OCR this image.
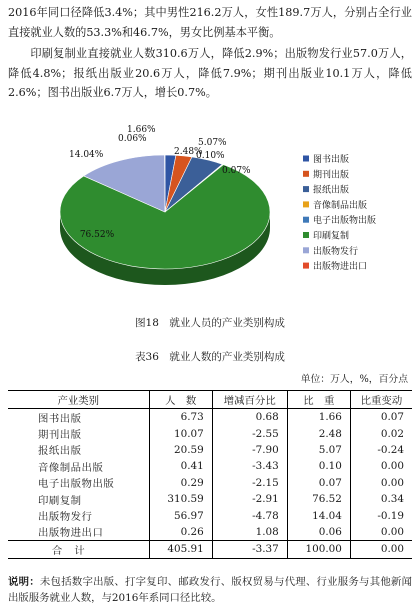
2016年同口径降低3.4%；其中男性216.2万人，女性189.7万人，分别占全行业直接就业人数的53.3%和46.7%，男女比例基本平衡。

印刷复制业直接就业人数310.6万人，降低2.9%；出版物发行业57.0万人，降低4.8%；报纸出版业20.6万人，降低7.9%；期刊出版业10.1万人，降低2.6%；图书出版业6.7万人，增长0.7%。

1.66%
2.48%
5.07%
0.10%
0.07%
76.52%
14.04%
0.06%
图书出版
期刊出版
报纸出版
音像制品出版
电子出版物出版
印刷复制
出版物发行
出版物进出口
图18　就业人员的产业类别构成
表36　就业人数的产业类别构成
单位：万人，%，百分点
产业类别	人　数	增减百分比	比　重	比重变动
图书出版	6.73	0.68	1.66	0.07
期刊出版	10.07	-2.55	2.48	0.02
报纸出版	20.59	-7.90	5.07	-0.24
音像制品出版	0.41	-3.43	0.10	0.00
电子出版物出版	0.29	-2.15	0.07	0.00
印刷复制	310.59	-2.91	76.52	0.34
出版物发行	56.97	-4.78	14.04	-0.19
出版物进出口	0.26	1.08	0.06	0.00
合计	405.91	-3.37	100.00	0.00
说明：未包括数字出版、打字复印、邮政发行、版权贸易与代理、行业服务与其他新闻出版服务就业人数，与2016年系同口径比较。
